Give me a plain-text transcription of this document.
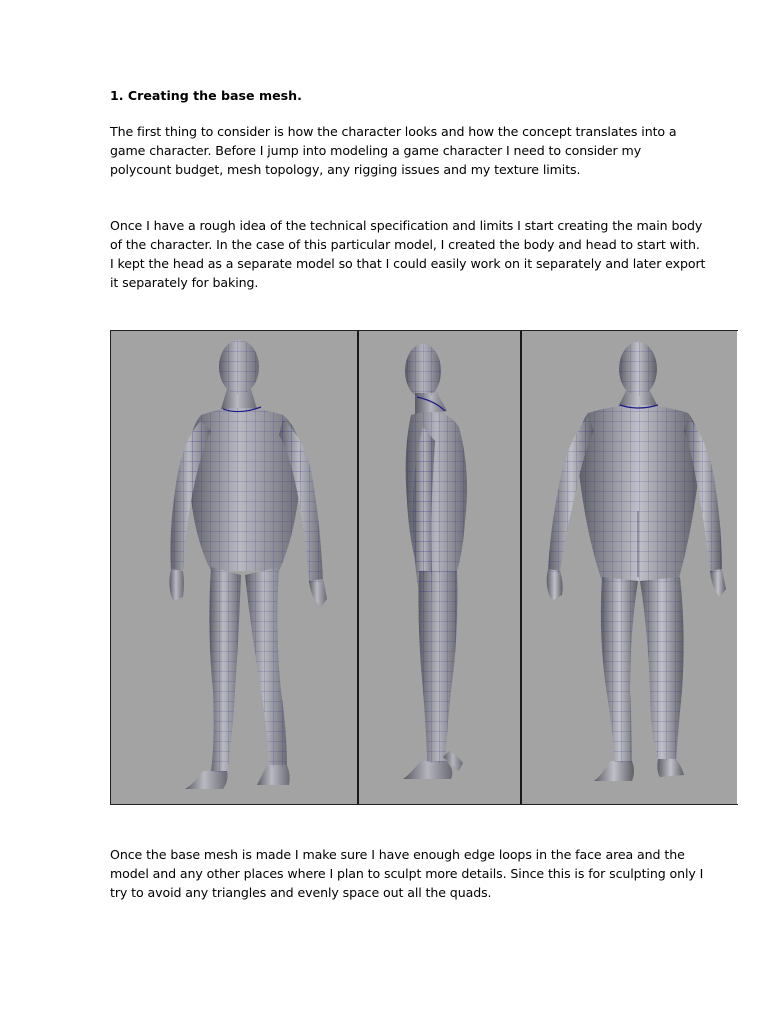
1. Creating the base mesh.
The first thing to consider is how the character looks and how the concept translates into a
game character. Before I jump into modeling a game character I need to consider my
polycount budget, mesh topology, any rigging issues and my texture limits.
Once I have a rough idea of the technical specification and limits I start creating the main body
of the character. In the case of this particular model, I created the body and head to start with.
I kept the head as a separate model so that I could easily work on it separately and later export
it separately for baking.
Once the base mesh is made I make sure I have enough edge loops in the face area and the
model and any other places where I plan to sculpt more details. Since this is for sculpting only I
try to avoid any triangles and evenly space out all the quads.
